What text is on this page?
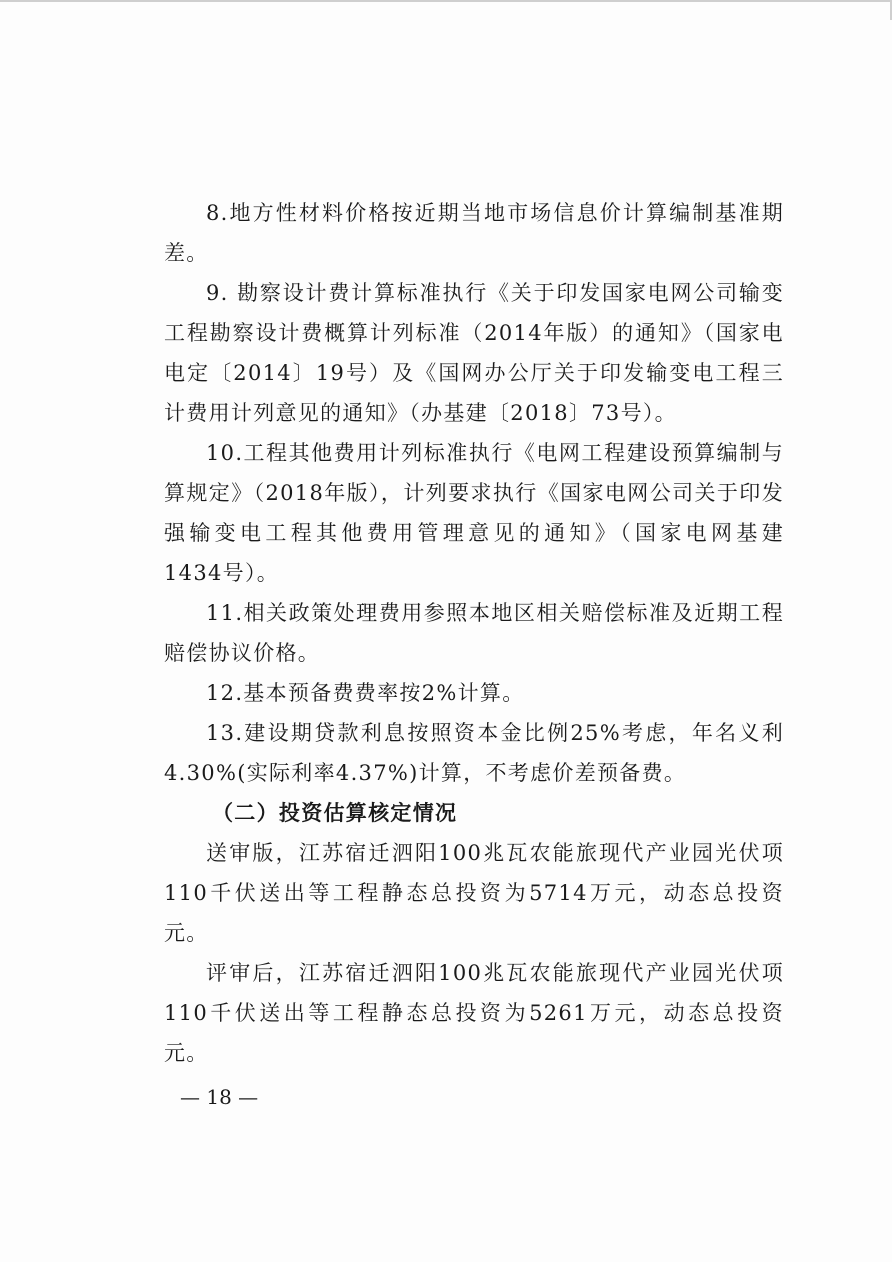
8.地方性材料价格按近期当地市场信息价计算编制基准期
差。
9. 勘察设计费计算标准执行《关于印发国家电网公司输变
工程勘察设计费概算计列标准（2014年版）的通知》（国家电
电定〔2014〕19号）及《国网办公厅关于印发输变电工程三
计费用计列意见的通知》（办基建〔2018〕73号）。
10.工程其他费用计列标准执行《电网工程建设预算编制与
算规定》（2018年版），计列要求执行《国家电网公司关于印发
强输变电工程其他费用管理意见的通知》（国家电网基建
1434号）。
11.相关政策处理费用参照本地区相关赔偿标准及近期工程
赔偿协议价格。
12.基本预备费费率按2%计算。
13.建设期贷款利息按照资本金比例25%考虑，年名义利
4.30%(实际利率4.37%)计算，不考虑价差预备费。
（二）投资估算核定情况
送审版，江苏宿迁泗阳100兆瓦农能旅现代产业园光伏项
110千伏送出等工程静态总投资为5714万元，动态总投资
元。
评审后，江苏宿迁泗阳100兆瓦农能旅现代产业园光伏项
110千伏送出等工程静态总投资为5261万元，动态总投资
元。
— 18 —
